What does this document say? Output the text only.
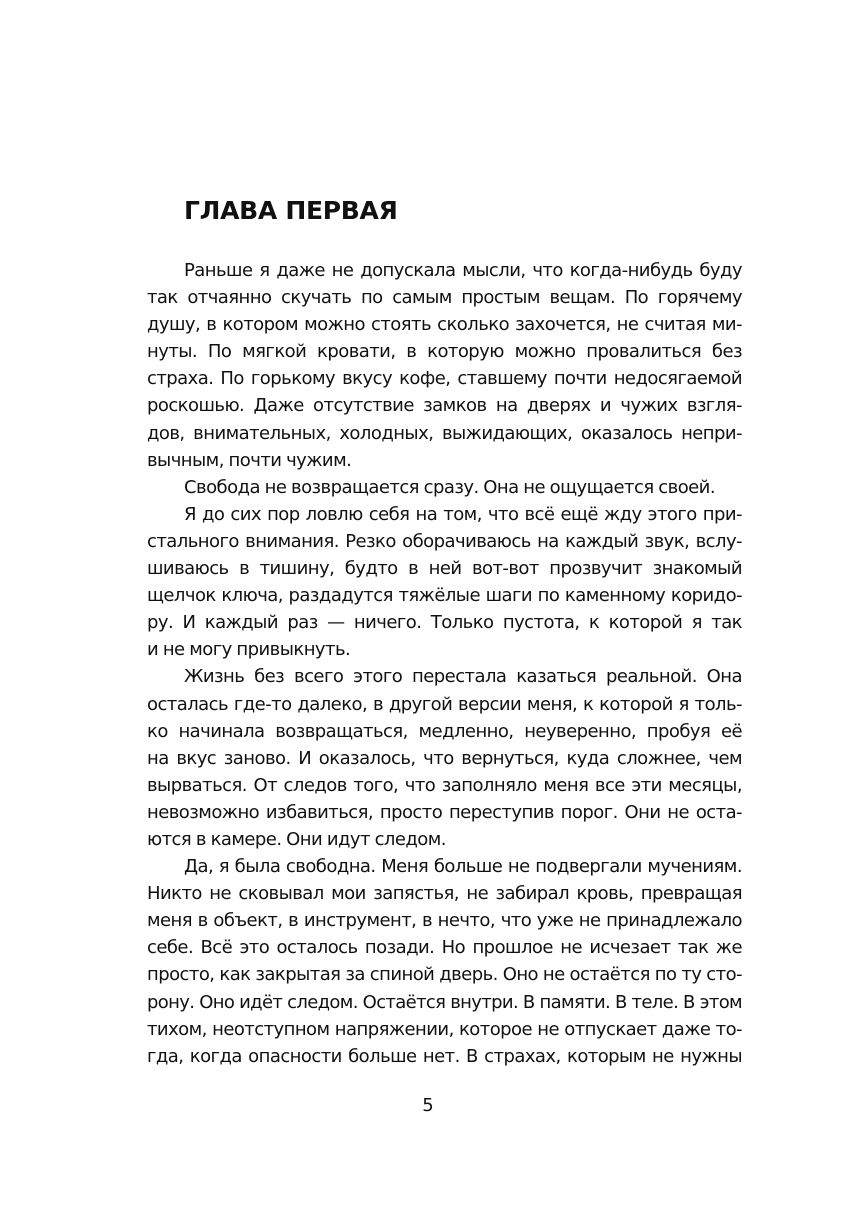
ГЛАВА ПЕРВАЯ
Раньше я даже не допускала мысли, что когда-нибудь буду
так отчаянно скучать по самым простым вещам. По горячему
душу, в котором можно стоять сколько захочется, не считая ми-
нуты. По мягкой кровати, в которую можно провалиться без
страха. По горькому вкусу кофе, ставшему почти недосягаемой
роскошью. Даже отсутствие замков на дверях и чужих взгля-
дов, внимательных, холодных, выжидающих, оказалось непри-
вычным, почти чужим.
Свобода не возвращается сразу. Она не ощущается своей.
Я до сих пор ловлю себя на том, что всё ещё жду этого при-
стального внимания. Резко оборачиваюсь на каждый звук, вслу-
шиваюсь в тишину, будто в ней вот-вот прозвучит знакомый
щелчок ключа, раздадутся тяжёлые шаги по каменному коридо-
ру. И каждый раз — ничего. Только пустота, к которой я так
и не могу привыкнуть.
Жизнь без всего этого перестала казаться реальной. Она
осталась где-то далеко, в другой версии меня, к которой я толь-
ко начинала возвращаться, медленно, неуверенно, пробуя её
на вкус заново. И оказалось, что вернуться, куда сложнее, чем
вырваться. От следов того, что заполняло меня все эти месяцы,
невозможно избавиться, просто переступив порог. Они не оста-
ются в камере. Они идут следом.
Да, я была свободна. Меня больше не подвергали мучениям.
Никто не сковывал мои запястья, не забирал кровь, превращая
меня в объект, в инструмент, в нечто, что уже не принадлежало
себе. Всё это осталось позади. Но прошлое не исчезает так же
просто, как закрытая за спиной дверь. Оно не остаётся по ту сто-
рону. Оно идёт следом. Остаётся внутри. В памяти. В теле. В этом
тихом, неотступном напряжении, которое не отпускает даже то-
гда, когда опасности больше нет. В страхах, которым не нужны
5
